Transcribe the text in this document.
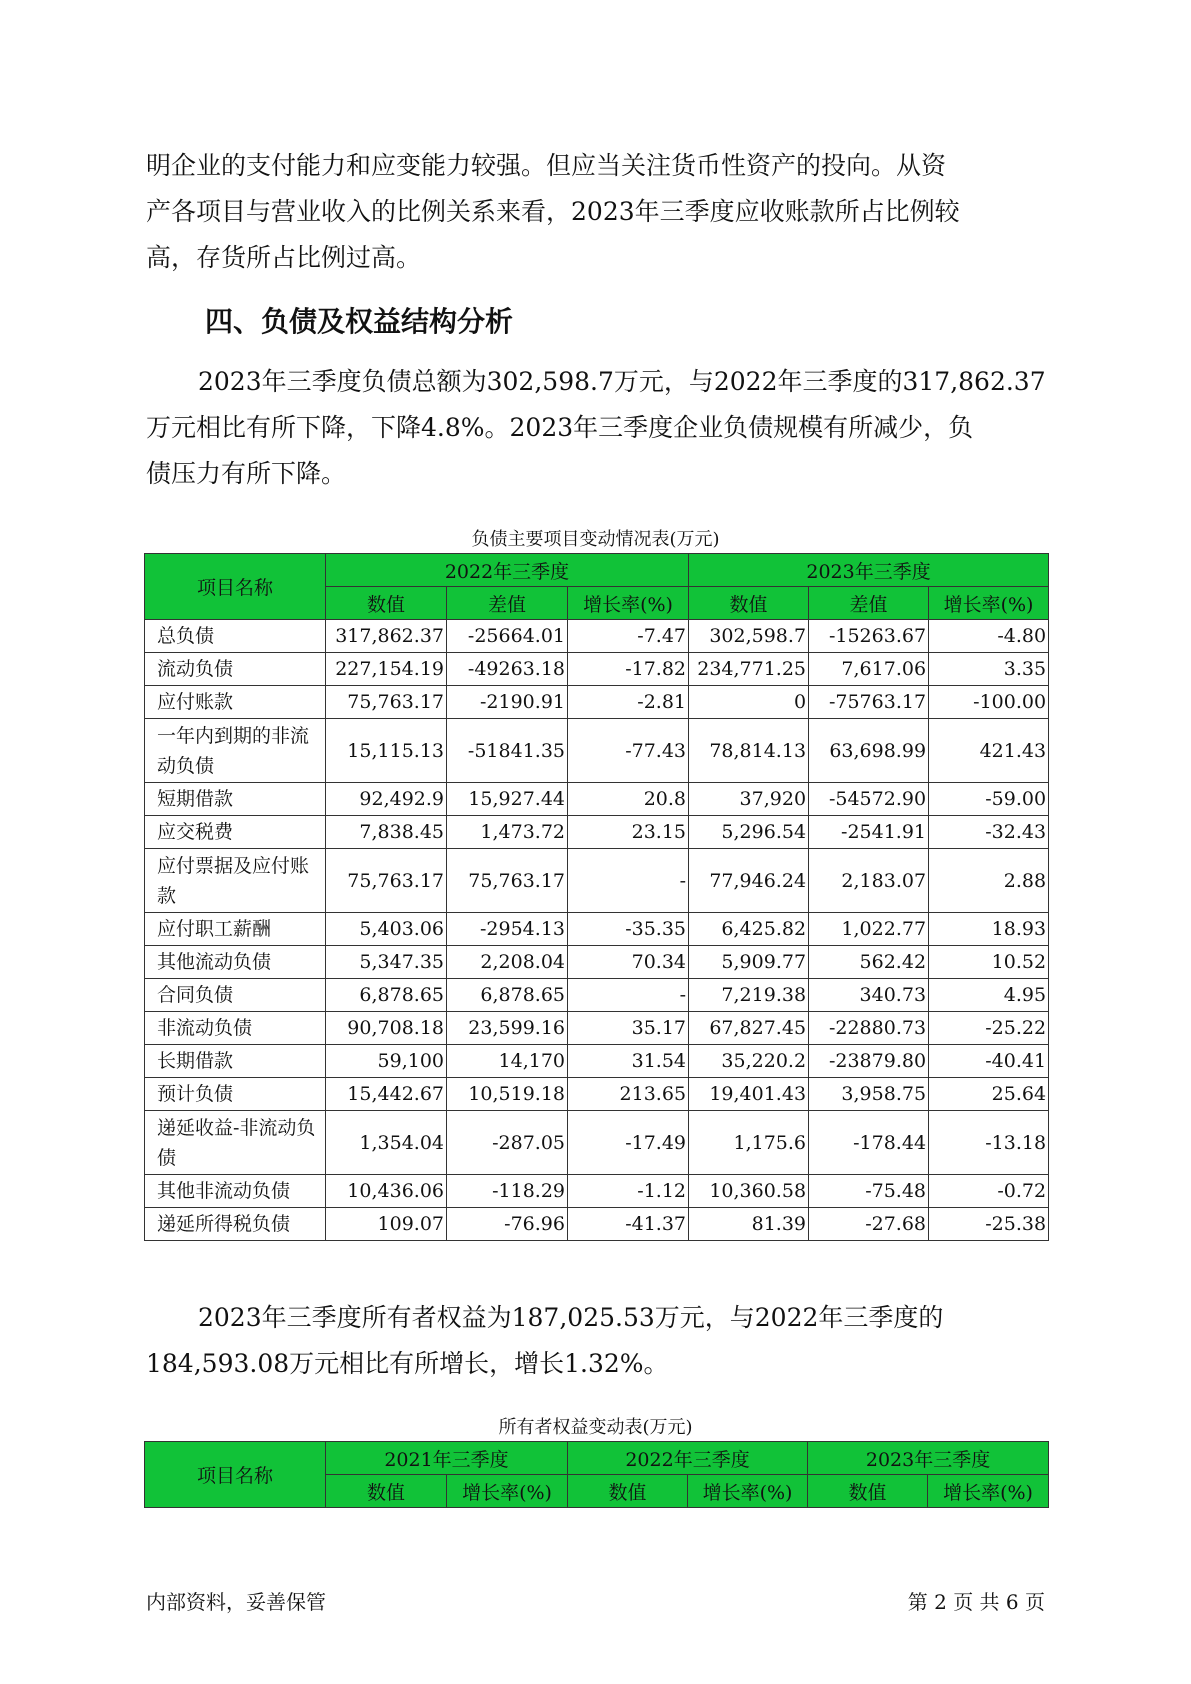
明企业的支付能力和应变能力较强。但应当关注货币性资产的投向。从资
产各项目与营业收入的比例关系来看，2023年三季度应收账款所占比例较
高，存货所占比例过高。
四、负债及权益结构分析
2023年三季度负债总额为302,598.7万元，与2022年三季度的317,862.37
万元相比有所下降，下降4.8%。2023年三季度企业负债规模有所减少，负
债压力有所下降。
负债主要项目变动情况表(万元)
项目名称	2022年三季度			2023年三季度		
	数值	差值	增长率(%)	数值	差值	增长率(%)
总负债	317,862.37	-25664.01	-7.47	302,598.7	-15263.67	-4.80
流动负债	227,154.19	-49263.18	-17.82	234,771.25	7,617.06	3.35
应付账款	75,763.17	-2190.91	-2.81	0	-75763.17	-100.00
一年内到期的非流动负债	15,115.13	-51841.35	-77.43	78,814.13	63,698.99	421.43
短期借款	92,492.9	15,927.44	20.8	37,920	-54572.90	-59.00
应交税费	7,838.45	1,473.72	23.15	5,296.54	-2541.91	-32.43
应付票据及应付账款	75,763.17	75,763.17	-	77,946.24	2,183.07	2.88
应付职工薪酬	5,403.06	-2954.13	-35.35	6,425.82	1,022.77	18.93
其他流动负债	5,347.35	2,208.04	70.34	5,909.77	562.42	10.52
合同负债	6,878.65	6,878.65	-	7,219.38	340.73	4.95
非流动负债	90,708.18	23,599.16	35.17	67,827.45	-22880.73	-25.22
长期借款	59,100	14,170	31.54	35,220.2	-23879.80	-40.41
预计负债	15,442.67	10,519.18	213.65	19,401.43	3,958.75	25.64
递延收益-非流动负债	1,354.04	-287.05	-17.49	1,175.6	-178.44	-13.18
其他非流动负债	10,436.06	-118.29	-1.12	10,360.58	-75.48	-0.72
递延所得税负债	109.07	-76.96	-41.37	81.39	-27.68	-25.38
2023年三季度所有者权益为187,025.53万元，与2022年三季度的
184,593.08万元相比有所增长，增长1.32%。
所有者权益变动表(万元)
项目名称	2021年三季度		2022年三季度		2023年三季度	
	数值	增长率(%)	数值	增长率(%)	数值	增长率(%)
内部资料，妥善保管	第 2 页 共 6 页
